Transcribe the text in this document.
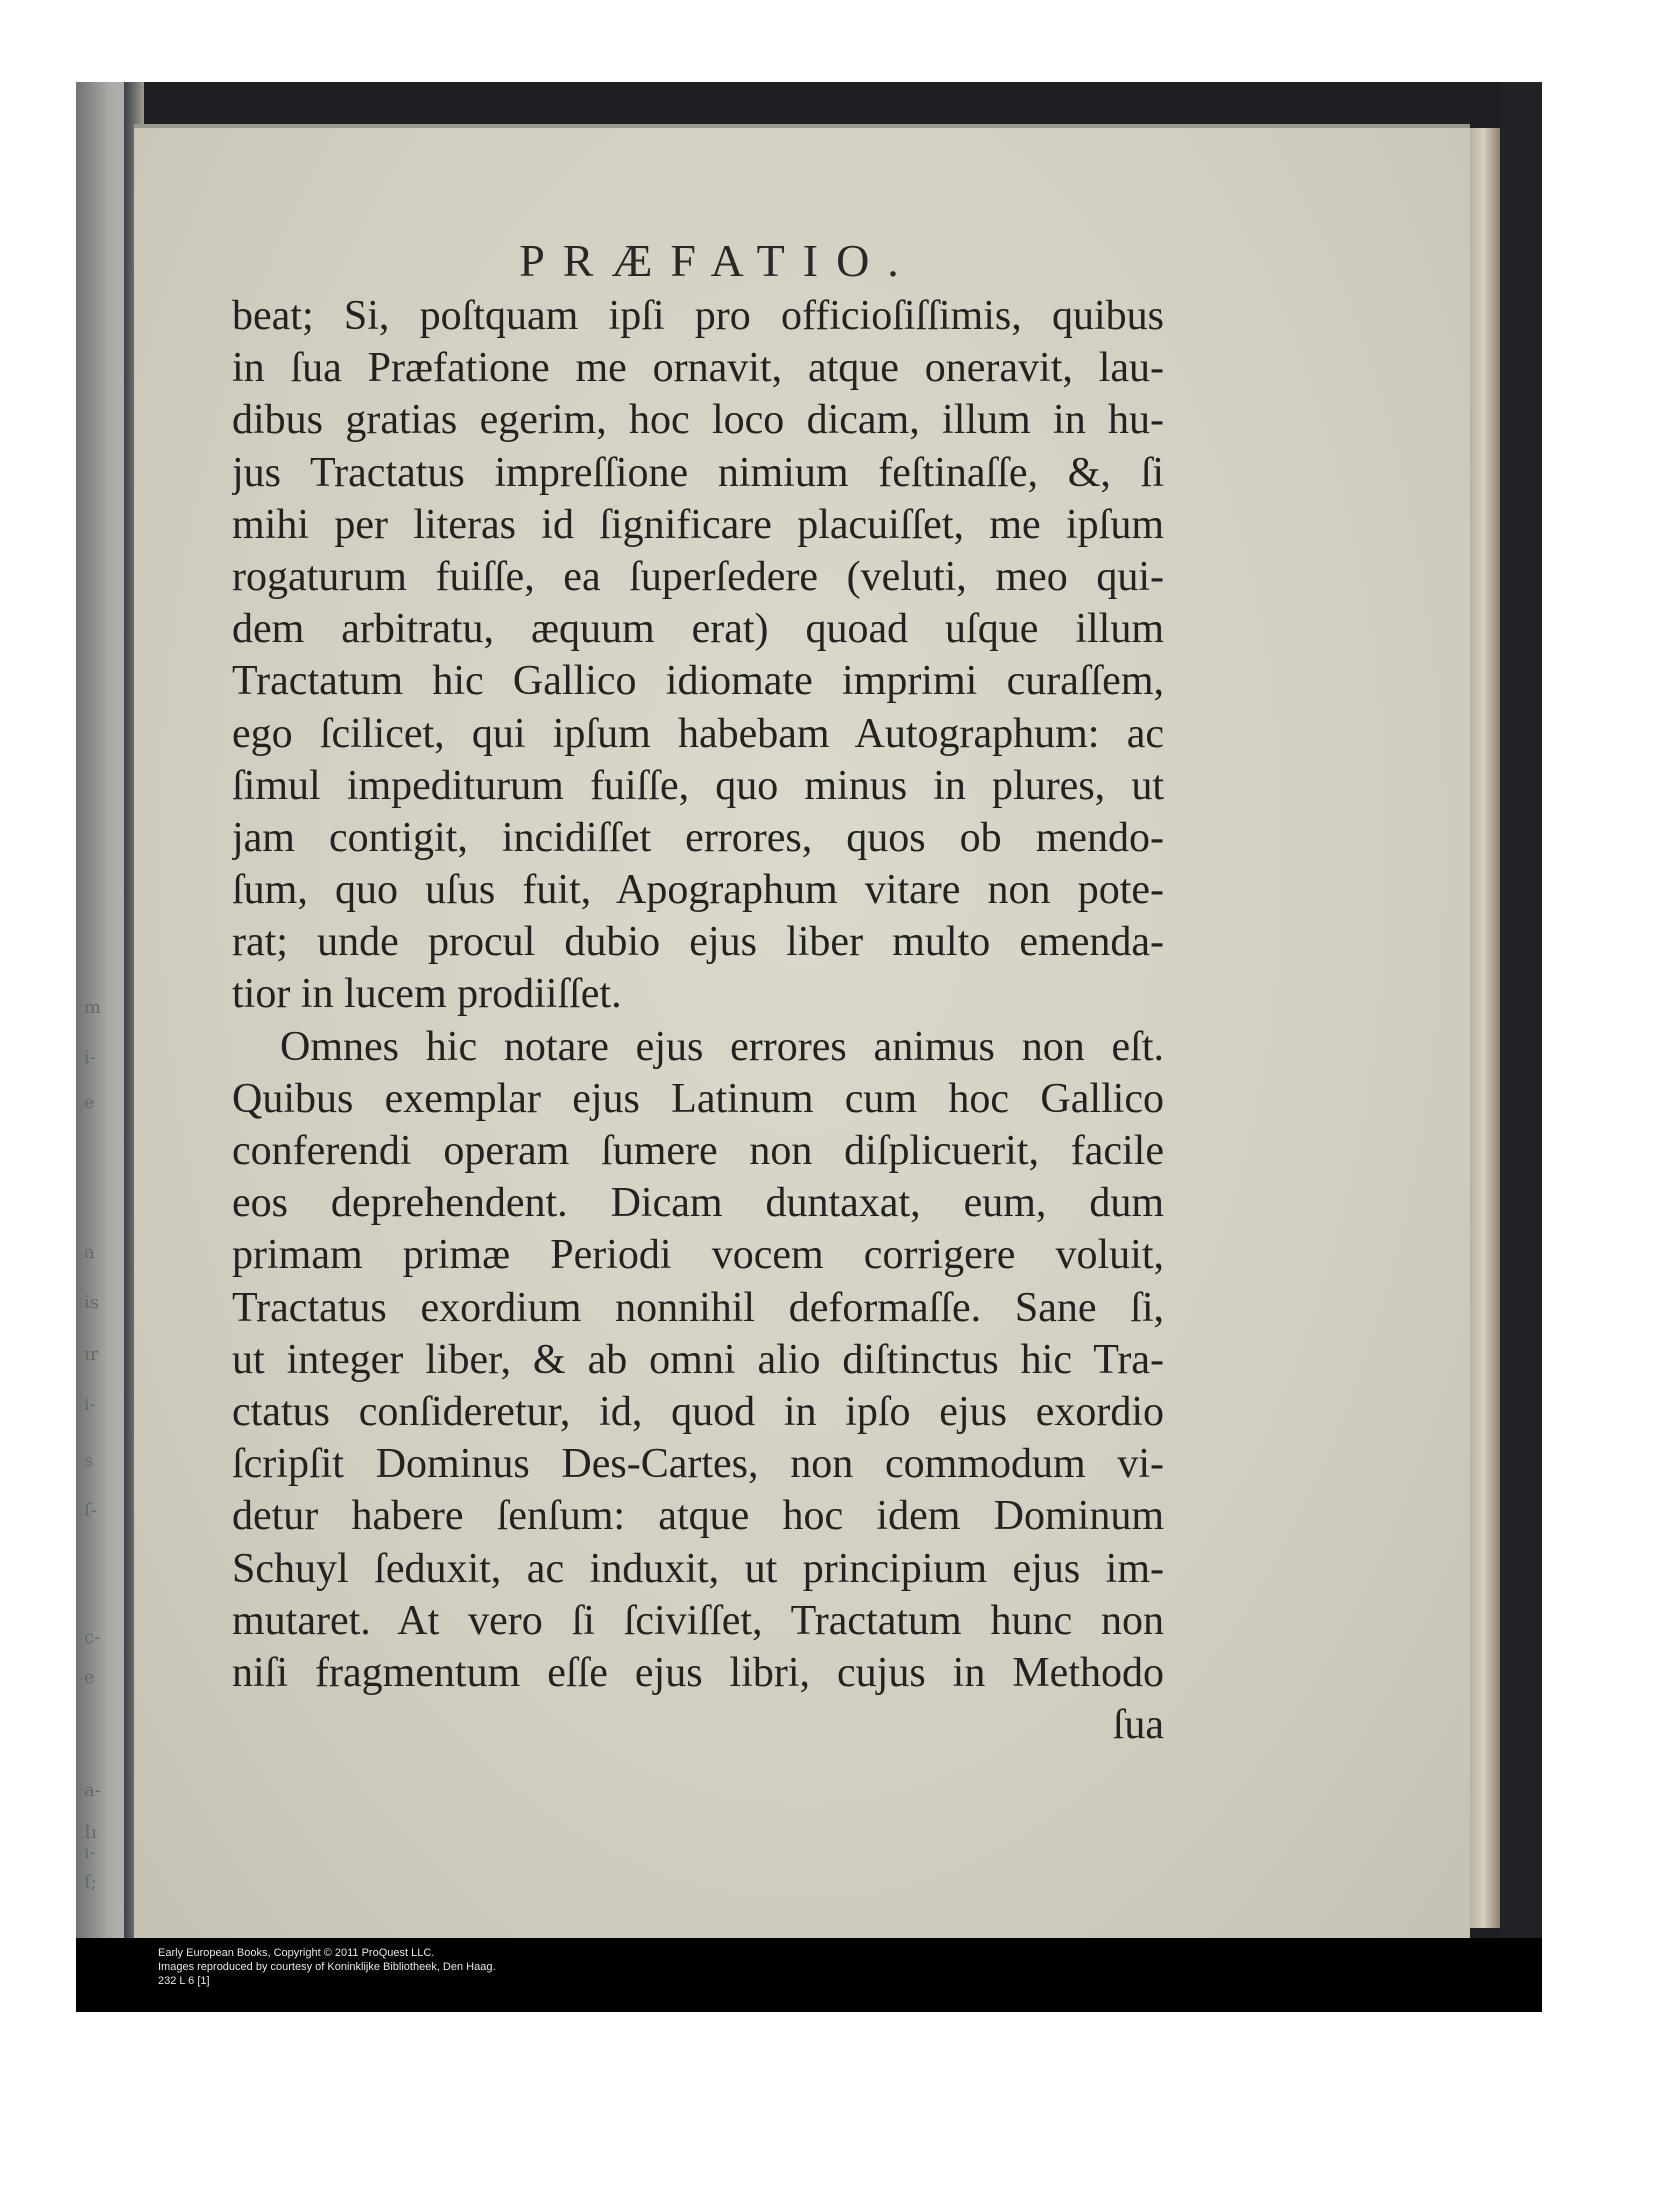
m
i-
e
a
is
ır
i-
s
ſ-
c-
e
a-
Iı
ı-
ſ;
PRÆFATIO.
beat; Si, poſtquam ipſi pro officioſiſſimis, quibus
in ſua Præfatione me ornavit, atque oneravit, lau-
dibus gratias egerim, hoc loco dicam, illum in hu-
jus Tractatus impreſſione nimium feſtinaſſe, &, ſi
mihi per literas id ſignificare placuiſſet, me ipſum
rogaturum fuiſſe, ea ſuperſedere (veluti, meo qui-
dem arbitratu, æquum erat) quoad uſque illum
Tractatum hic Gallico idiomate imprimi curaſſem,
ego ſcilicet, qui ipſum habebam Autographum: ac
ſimul impediturum fuiſſe, quo minus in plures, ut
jam contigit, incidiſſet errores, quos ob mendo-
ſum, quo uſus fuit, Apographum vitare non pote-
rat; unde procul dubio ejus liber multo emenda-
tior in lucem prodiiſſet.
Omnes hic notare ejus errores animus non eſt.
Quibus exemplar ejus Latinum cum hoc Gallico
conferendi operam ſumere non diſplicuerit, facile
eos deprehendent. Dicam duntaxat, eum, dum
primam primæ Periodi vocem corrigere voluit,
Tractatus exordium nonnihil deformaſſe. Sane ſi,
ut integer liber, & ab omni alio diſtinctus hic Tra-
ctatus conſideretur, id, quod in ipſo ejus exordio
ſcripſit Dominus Des-Cartes, non commodum vi-
detur habere ſenſum: atque hoc idem Dominum
Schuyl ſeduxit, ac induxit, ut principium ejus im-
mutaret. At vero ſi ſciviſſet, Tractatum hunc non
niſi fragmentum eſſe ejus libri, cujus in Methodo
ſua
Early European Books, Copyright © 2011 ProQuest LLC.
Images reproduced by courtesy of Koninklijke Bibliotheek, Den Haag.
232 L 6 [1]
